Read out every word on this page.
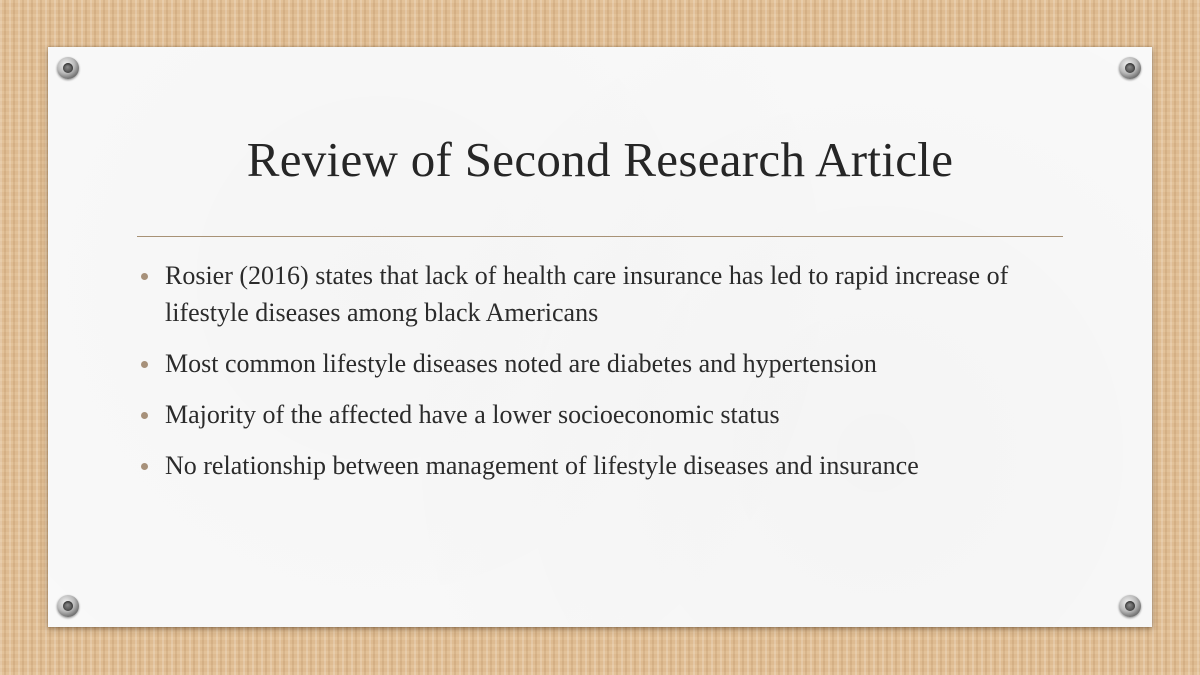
Review of Second Research Article
Rosier (2016) states that lack of health care insurance has led to rapid increase of lifestyle diseases among black Americans
Most common lifestyle diseases noted are diabetes and hypertension
Majority of the affected have a lower socioeconomic status
No relationship between management of lifestyle diseases and insurance
